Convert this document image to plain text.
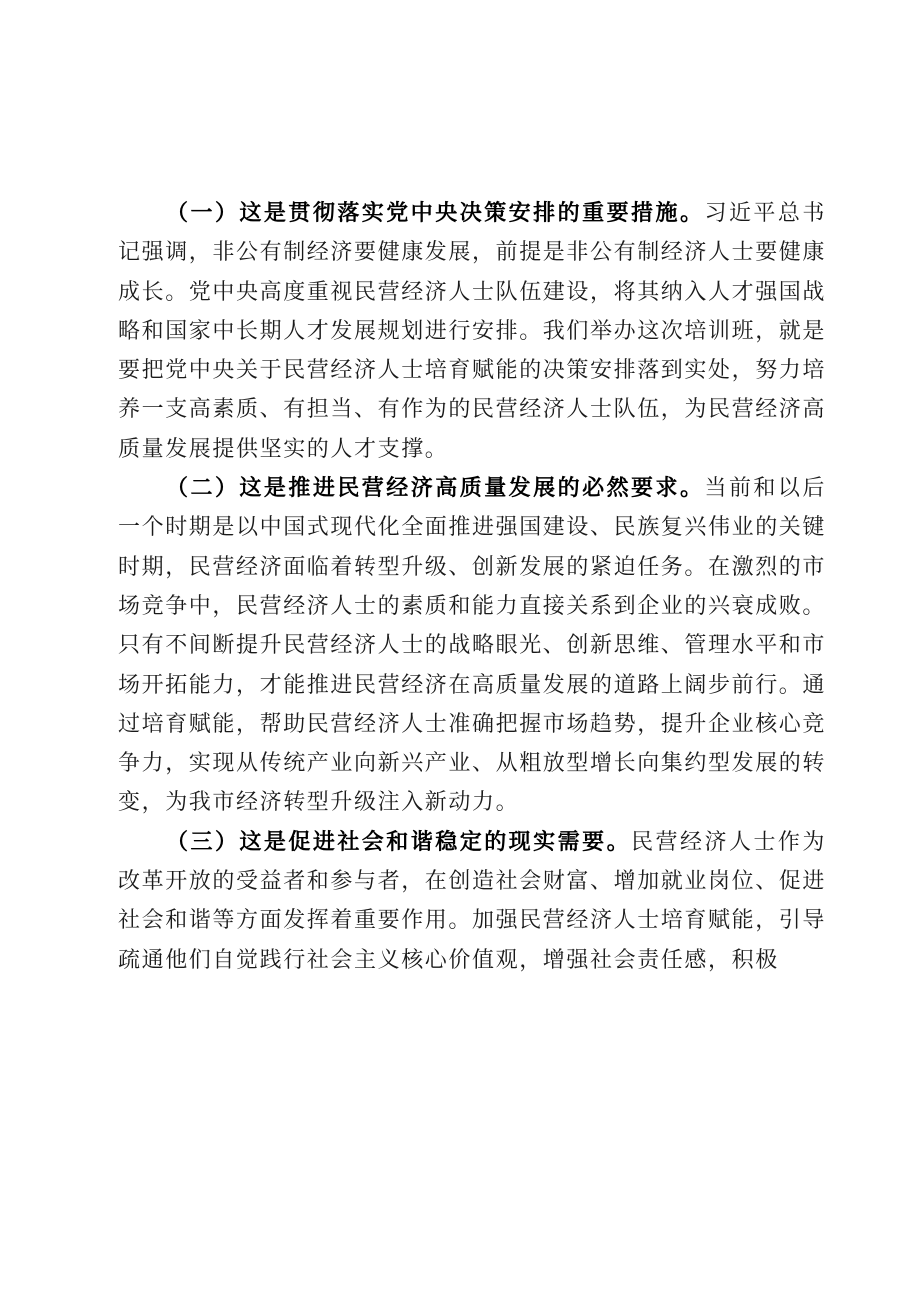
（一）这是贯彻落实党中央决策安排的重要措施。习近平总书记强调，非公有制经济要健康发展，前提是非公有制经济人士要健康成长。党中央高度重视民营经济人士队伍建设，将其纳入人才强国战略和国家中长期人才发展规划进行安排。我们举办这次培训班，就是要把党中央关于民营经济人士培育赋能的决策安排落到实处，努力培养一支高素质、有担当、有作为的民营经济人士队伍，为民营经济高质量发展提供坚实的人才支撑。

（二）这是推进民营经济高质量发展的必然要求。当前和以后一个时期是以中国式现代化全面推进强国建设、民族复兴伟业的关键时期，民营经济面临着转型升级、创新发展的紧迫任务。在激烈的市场竞争中，民营经济人士的素质和能力直接关系到企业的兴衰成败。只有不间断提升民营经济人士的战略眼光、创新思维、管理水平和市场开拓能力，才能推进民营经济在高质量发展的道路上阔步前行。通过培育赋能，帮助民营经济人士准确把握市场趋势，提升企业核心竞争力，实现从传统产业向新兴产业、从粗放型增长向集约型发展的转变，为我市经济转型升级注入新动力。

（三）这是促进社会和谐稳定的现实需要。民营经济人士作为改革开放的受益者和参与者，在创造社会财富、增加就业岗位、促进社会和谐等方面发挥着重要作用。加强民营经济人士培育赋能，引导疏通他们自觉践行社会主义核心价值观，增强社会责任感，积极
